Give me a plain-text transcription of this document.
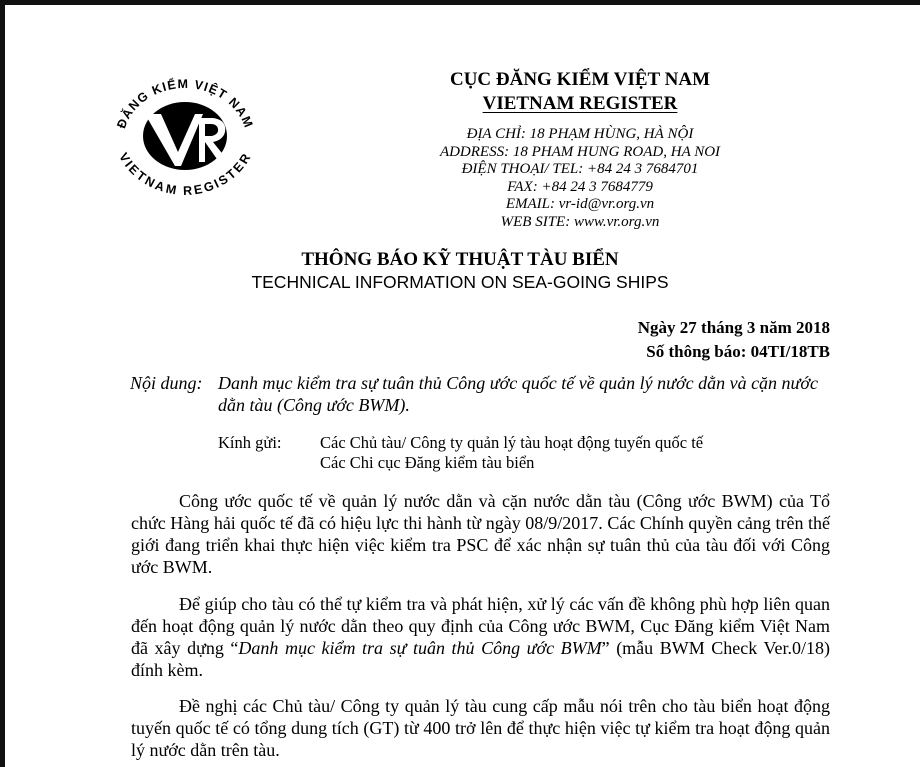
ĐĂNG KIỂM VIỆT NAM
VIETNAM REGISTER
CỤC ĐĂNG KIỂM VIỆT NAM
VIETNAM REGISTER
ĐỊA CHỈ: 18 PHẠM HÙNG, HÀ NỘI
ADDRESS: 18 PHAM HUNG ROAD, HA NOI
ĐIỆN THOẠI/ TEL: +84 24 3 7684701
FAX: +84 24 3 7684779
EMAIL: vr-id@vr.org.vn
WEB SITE: www.vr.org.vn
THÔNG BÁO KỸ THUẬT TÀU BIỂN
TECHNICAL INFORMATION ON SEA-GOING SHIPS
Ngày 27 tháng 3 năm 2018
Số thông báo: 04TI/18TB
Nội dung: Danh mục kiểm tra sự tuân thủ Công ước quốc tế về quản lý nước dằn và cặn nước dằn tàu (Công ước BWM).
Kính gửi: Các Chủ tàu/ Công ty quản lý tàu hoạt động tuyến quốc tế
Các Chi cục Đăng kiểm tàu biển
Công ước quốc tế về quản lý nước dằn và cặn nước dằn tàu (Công ước BWM) của Tổ chức Hàng hải quốc tế đã có hiệu lực thi hành từ ngày 08/9/2017. Các Chính quyền cảng trên thế giới đang triển khai thực hiện việc kiểm tra PSC để xác nhận sự tuân thủ của tàu đối với Công ước BWM.
Để giúp cho tàu có thể tự kiểm tra và phát hiện, xử lý các vấn đề không phù hợp liên quan đến hoạt động quản lý nước dằn theo quy định của Công ước BWM, Cục Đăng kiểm Việt Nam đã xây dựng “Danh mục kiểm tra sự tuân thủ Công ước BWM” (mẫu BWM Check Ver.0/18) đính kèm.
Đề nghị các Chủ tàu/ Công ty quản lý tàu cung cấp mẫu nói trên cho tàu biển hoạt động tuyến quốc tế có tổng dung tích (GT) từ 400 trở lên để thực hiện việc tự kiểm tra hoạt động quản lý nước dằn trên tàu.
